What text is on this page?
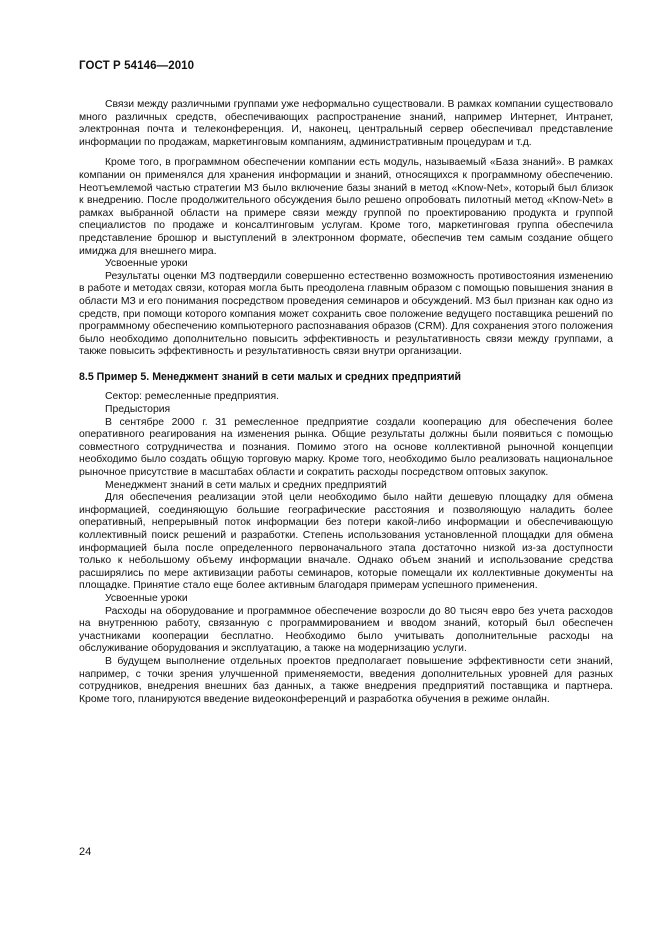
ГОСТ Р 54146—2010

Связи между различными группами уже неформально существовали. В рамках компании существовало много различных средств, обеспечивающих распространение знаний, например Интернет, Интранет, электронная почта и телеконференция. И, наконец, центральный сервер обеспечивал представление информации по продажам, маркетинговым компаниям, административным процедурам и т.д.

Кроме того, в программном обеспечении компании есть модуль, называемый «База знаний». В рамках компании он применялся для хранения информации и знаний, относящихся к программному обеспечению. Неотъемлемой частью стратегии МЗ было включение базы знаний в метод «Know-Net», который был близок к внедрению. После продолжительного обсуждения было решено опробовать пилотный метод «Know-Net» в рамках выбранной области на примере связи между группой по проектированию продукта и группой специалистов по продаже и консалтинговым услугам. Кроме того, маркетинговая группа обеспечила представление брошюр и выступлений в электронном формате, обеспечив тем самым создание общего имиджа для внешнего мира.

Усвоенные уроки

Результаты оценки МЗ подтвердили совершенно естественно возможность противостояния изменению в работе и методах связи, которая могла быть преодолена главным образом с помощью повышения знания в области МЗ и его понимания посредством проведения семинаров и обсуждений. МЗ был признан как одно из средств, при помощи которого компания может сохранить свое положение ведущего поставщика решений по программному обеспечению компьютерного распознавания образов (CRM). Для сохранения этого положения было необходимо дополнительно повысить эффективность и результативность связи между группами, а также повысить эффективность и результативность связи внутри организации.

8.5 Пример 5. Менеджмент знаний в сети малых и средних предприятий

Сектор: ремесленные предприятия.

Предыстория

В сентябре 2000 г. 31 ремесленное предприятие создали кооперацию для обеспечения более оперативного реагирования на изменения рынка. Общие результаты должны были появиться с помощью совместного сотрудничества и познания. Помимо этого на основе коллективной рыночной концепции необходимо было создать общую торговую марку. Кроме того, необходимо было реализовать национальное рыночное присутствие в масштабах области и сократить расходы посредством оптовых закупок.

Менеджмент знаний в сети малых и средних предприятий

Для обеспечения реализации этой цели необходимо было найти дешевую площадку для обмена информацией, соединяющую большие географические расстояния и позволяющую наладить более оперативный, непрерывный поток информации без потери какой-либо информации и обеспечивающую коллективный поиск решений и разработки. Степень использования установленной площадки для обмена информацией была после определенного первоначального этапа достаточно низкой из-за доступности только к небольшому объему информации вначале. Однако объем знаний и использование средства расширялись по мере активизации работы семинаров, которые помещали их коллективные документы на площадке. Принятие стало еще более активным благодаря примерам успешного применения.

Усвоенные уроки

Расходы на оборудование и программное обеспечение возросли до 80 тысяч евро без учета расходов на внутреннюю работу, связанную с программированием и вводом знаний, который был обеспечен участниками кооперации бесплатно. Необходимо было учитывать дополнительные расходы на обслуживание оборудования и эксплуатацию, а также на модернизацию услуги.

В будущем выполнение отдельных проектов предполагает повышение эффективности сети знаний, например, с точки зрения улучшенной применяемости, введения дополнительных уровней для разных сотрудников, внедрения внешних баз данных, а также внедрения предприятий поставщика и партнера. Кроме того, планируются введение видеоконференций и разработка обучения в режиме онлайн.

24
